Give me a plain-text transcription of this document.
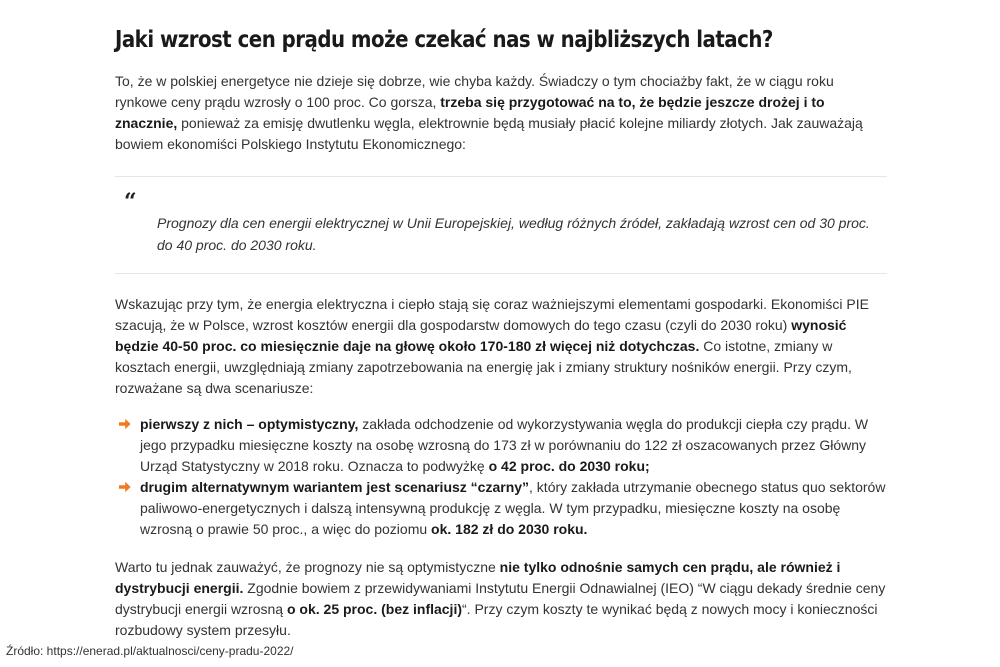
Jaki wzrost cen prądu może czekać nas w najbliższych latach?

To, że w polskiej energetyce nie dzieje się dobrze, wie chyba każdy. Świadczy o tym chociażby fakt, że w ciągu roku rynkowe ceny prądu wzrosły o 100 proc. Co gorsza, trzeba się przygotować na to, że będzie jeszcze drożej i to znacznie, ponieważ za emisję dwutlenku węgla, elektrownie będą musiały płacić kolejne miliardy złotych. Jak zauważają bowiem ekonomiści Polskiego Instytutu Ekonomicznego:

“
Prognozy dla cen energii elektrycznej w Unii Europejskiej, według różnych źródeł, zakładają wzrost cen od 30 proc. do 40 proc. do 2030 roku.

Wskazując przy tym, że energia elektryczna i ciepło stają się coraz ważniejszymi elementami gospodarki. Ekonomiści PIE szacują, że w Polsce, wzrost kosztów energii dla gospodarstw domowych do tego czasu (czyli do 2030 roku) wynosić będzie 40-50 proc. co miesięcznie daje na głowę około 170-180 zł więcej niż dotychczas. Co istotne, zmiany w kosztach energii, uwzględniają zmiany zapotrzebowania na energię jak i zmiany struktury nośników energii. Przy czym, rozważane są dwa scenariusze:

pierwszy z nich – optymistyczny, zakłada odchodzenie od wykorzystywania węgla do produkcji ciepła czy prądu. W jego przypadku miesięczne koszty na osobę wzrosną do 173 zł w porównaniu do 122 zł oszacowanych przez Główny Urząd Statystyczny w 2018 roku. Oznacza to podwyżkę o 42 proc. do 2030 roku;
drugim alternatywnym wariantem jest scenariusz “czarny”, który zakłada utrzymanie obecnego status quo sektorów paliwowo-energetycznych i dalszą intensywną produkcję z węgla. W tym przypadku, miesięczne koszty na osobę wzrosną o prawie 50 proc., a więc do poziomu ok. 182 zł do 2030 roku.

Warto tu jednak zauważyć, że prognozy nie są optymistyczne nie tylko odnośnie samych cen prądu, ale również i dystrybucji energii. Zgodnie bowiem z przewidywaniami Instytutu Energii Odnawialnej (IEO) “W ciągu dekady średnie ceny dystrybucji energii wzrosną o ok. 25 proc. (bez inflacji)“. Przy czym koszty te wynikać będą z nowych mocy i konieczności rozbudowy system przesyłu.

Źródło: https://enerad.pl/aktualnosci/ceny-pradu-2022/
